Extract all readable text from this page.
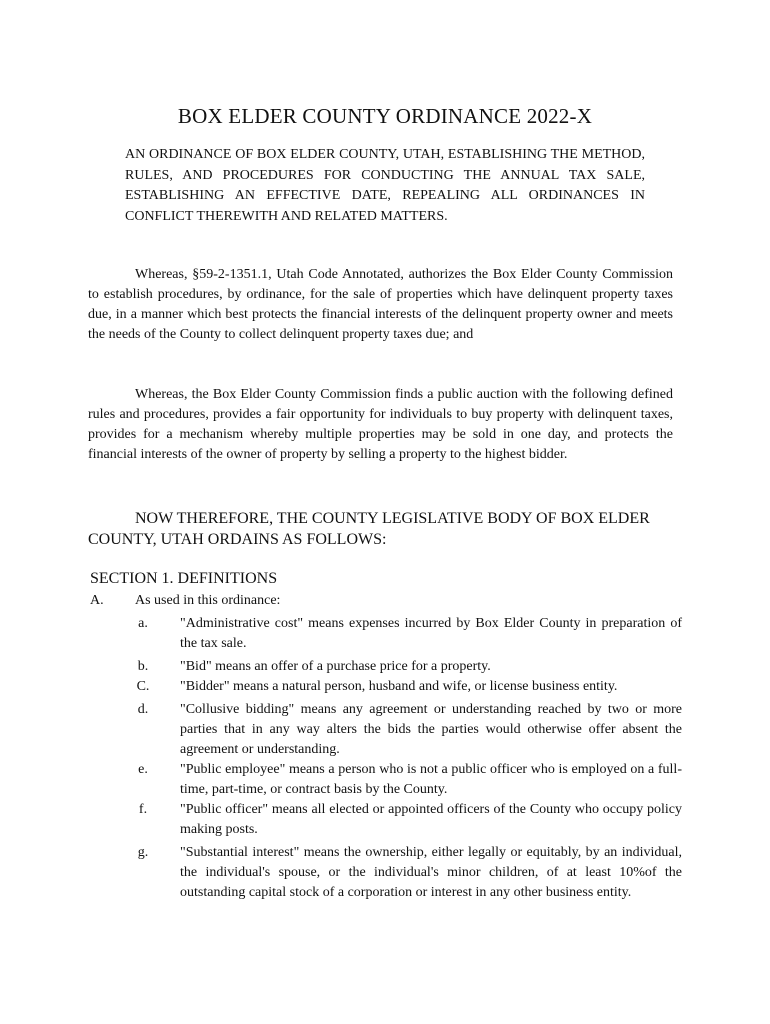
BOX ELDER COUNTY ORDINANCE 2022-X
AN ORDINANCE OF BOX ELDER COUNTY, UTAH, ESTABLISHING THE METHOD, RULES, AND PROCEDURES FOR CONDUCTING THE ANNUAL TAX SALE, ESTABLISHING AN EFFECTIVE DATE, REPEALING ALL ORDINANCES IN CONFLICT THEREWITH AND RELATED MATTERS.
Whereas, §59-2-1351.1, Utah Code Annotated, authorizes the Box Elder County Commission to establish procedures, by ordinance, for the sale of properties which have delinquent property taxes due, in a manner which best protects the financial interests of the delinquent property owner and meets the needs of the County to collect delinquent property taxes due; and
Whereas, the Box Elder County Commission finds a public auction with the following defined rules and procedures, provides a fair opportunity for individuals to buy property with delinquent taxes, provides for a mechanism whereby multiple properties may be sold in one day, and protects the financial interests of the owner of property by selling a property to the highest bidder.
NOW THEREFORE, THE COUNTY LEGISLATIVE BODY OF BOX ELDER COUNTY, UTAH ORDAINS AS FOLLOWS:
SECTION 1. DEFINITIONS
A. As used in this ordinance:
a.	"Administrative cost" means expenses incurred by Box Elder County in preparation of the tax sale.
b.	"Bid" means an offer of a purchase price for a property.
C.	"Bidder" means a natural person, husband and wife, or license business entity.
d.	"Collusive bidding" means any agreement or understanding reached by two or more parties that in any way alters the bids the parties would otherwise offer absent the agreement or understanding.
e.	"Public employee" means a person who is not a public officer who is employed on a full-time, part-time, or contract basis by the County.
f.	"Public officer" means all elected or appointed officers of the County who occupy policy making posts.
g.	"Substantial interest" means the ownership, either legally or equitably, by an individual, the individual's spouse, or the individual's minor children, of at least 10%of the outstanding capital stock of a corporation or interest in any other business entity.
